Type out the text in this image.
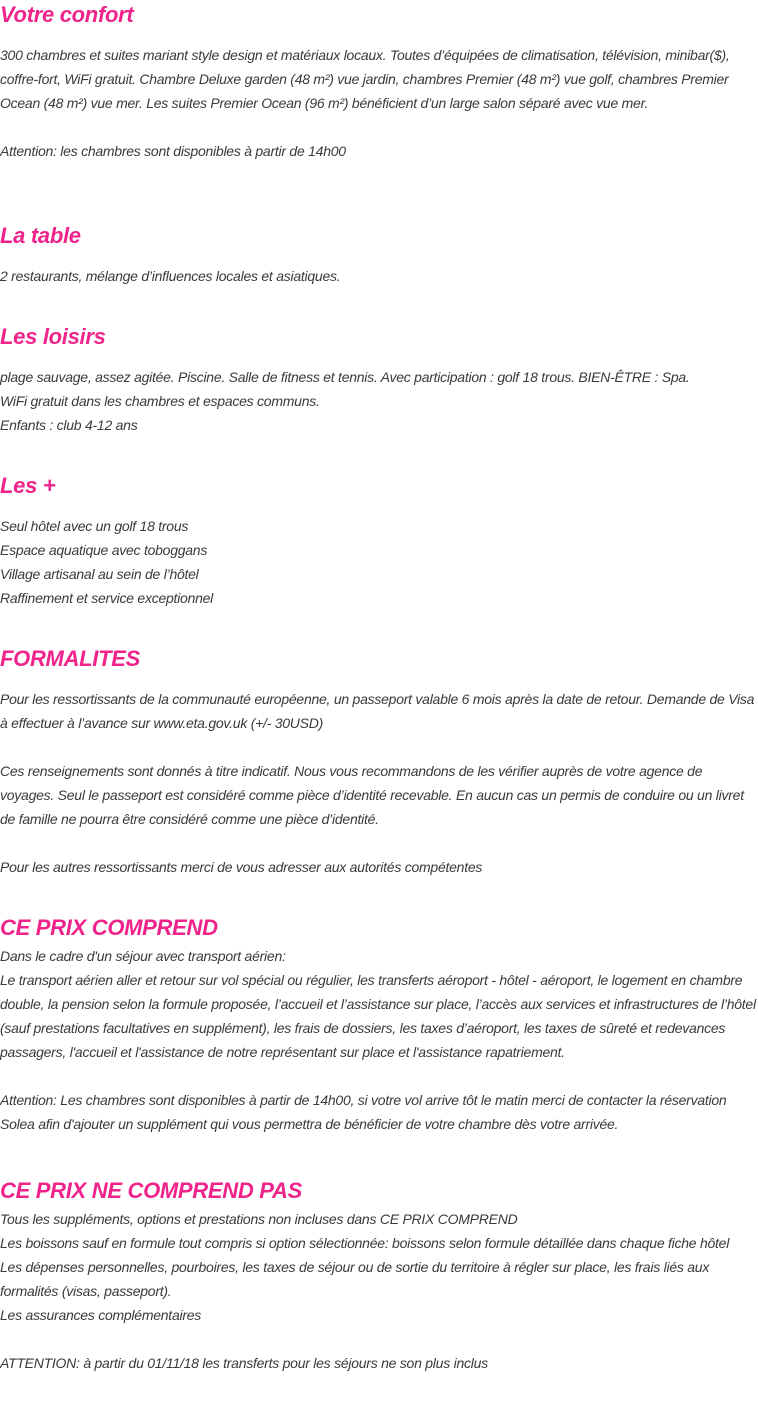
Votre confort

300 chambres et suites mariant style design et matériaux locaux. Toutes d’équipées de climatisation, télévision, minibar($), coffre-fort, WiFi gratuit. Chambre Deluxe garden (48 m²) vue jardin, chambres Premier (48 m²) vue golf, chambres Premier Ocean (48 m²) vue mer. Les suites Premier Ocean (96 m²) bénéficient d’un large salon séparé avec vue mer.

Attention: les chambres sont disponibles à partir de 14h00

La table

2 restaurants, mélange d’influences locales et asiatiques.

Les loisirs
plage sauvage, assez agitée. Piscine. Salle de fitness et tennis. Avec participation : golf 18 trous. BIEN-ÊTRE : Spa.
WiFi gratuit dans les chambres et espaces communs.
Enfants : club 4-12 ans
Les +
Seul hôtel avec un golf 18 trous
Espace aquatique avec toboggans
Village artisanal au sein de l’hôtel
Raffinement et service exceptionnel
FORMALITES

Pour les ressortissants de la communauté européenne, un passeport valable 6 mois après la date de retour. Demande de Visa à effectuer à l’avance sur www.eta.gov.uk (+/- 30USD)

Ces renseignements sont donnés à titre indicatif. Nous vous recommandons de les vérifier auprès de votre agence de voyages. Seul le passeport est considéré comme pièce d’identité recevable. En aucun cas un permis de conduire ou un livret de famille ne pourra être considéré comme une pièce d’identité.

Pour les autres ressortissants merci de vous adresser aux autorités compétentes

CE PRIX COMPREND

Dans le cadre d'un séjour avec transport aérien:

Le transport aérien aller et retour sur vol spécial ou régulier, les transferts aéroport - hôtel - aéroport, le logement en chambre double, la pension selon la formule proposée, l’accueil et l’assistance sur place, l’accès aux services et infrastructures de l’hôtel (sauf prestations facultatives en supplément), les frais de dossiers, les taxes d’aéroport, les taxes de sûreté et redevances passagers, l'accueil et l'assistance de notre représentant sur place et l'assistance rapatriement.

Attention: Les chambres sont disponibles à partir de 14h00, si votre vol arrive tôt le matin merci de contacter la réservation Solea afin d'ajouter un supplément qui vous permettra de bénéficier de votre chambre dès votre arrivée.

CE PRIX NE COMPREND PAS

Tous les suppléments, options et prestations non incluses dans CE PRIX COMPREND

Les boissons sauf en formule tout compris si option sélectionnée: boissons selon formule détaillée dans chaque fiche hôtel

Les dépenses personnelles, pourboires, les taxes de séjour ou de sortie du territoire à régler sur place, les frais liés aux formalités (visas, passeport).

Les assurances complémentaires

ATTENTION: à partir du 01/11/18 les transferts pour les séjours ne son plus inclus
